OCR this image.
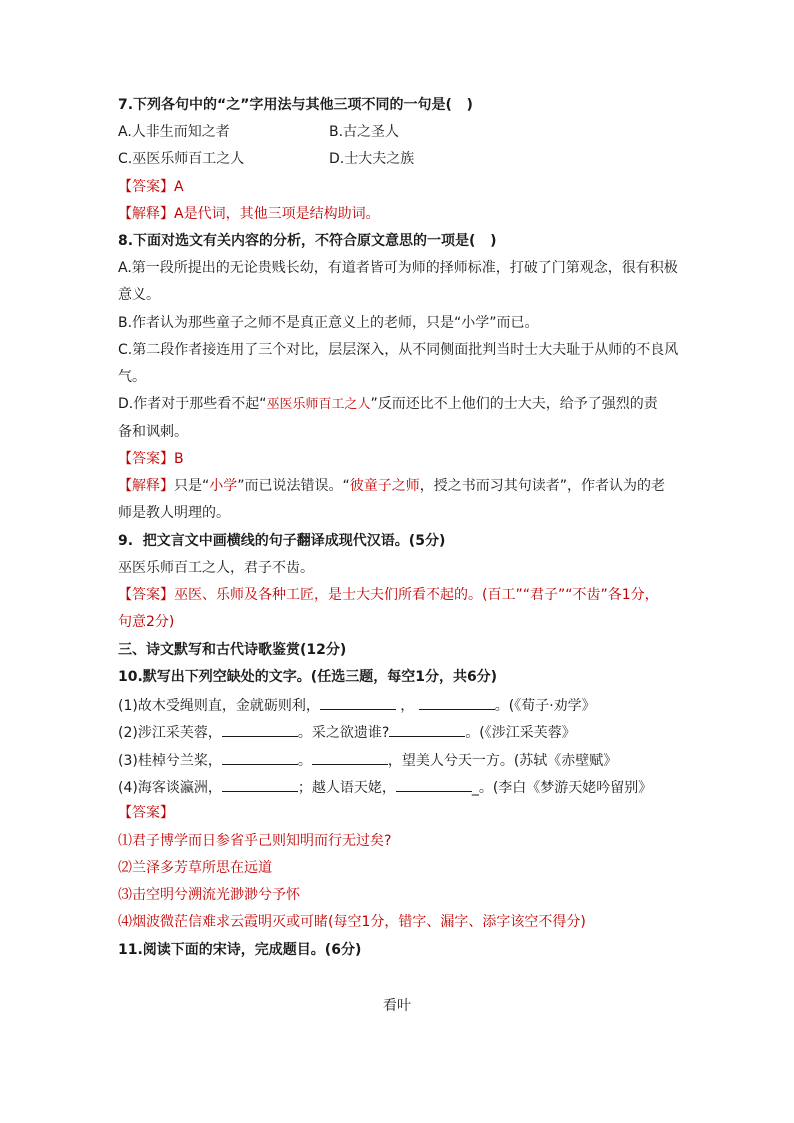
7.下列各句中的“之”字用法与其他三项不同的一句是(   )
A.人非生而知之者	B.古之圣人
C.巫医乐师百工之人	D.士大夫之族
【答案】A
【解释】A是代词，其他三项是结构助词。
8.下面对选文有关内容的分析，不符合原文意思的一项是(   )
A.第一段所提出的无论贵贱长幼，有道者皆可为师的择师标准，打破了门第观念，很有积极
意义。
B.作者认为那些童子之师不是真正意义上的老师，只是“小学”而已。
C.第二段作者接连用了三个对比，层层深入，从不同侧面批判当时士大夫耻于从师的不良风
气。
D.作者对于那些看不起“巫医乐师百工之人”反而还比不上他们的士大夫，给予了强烈的责
备和讽刺。
【答案】B
【解释】只是“小学”而已说法错误。“彼童子之师，授之书而习其句读者”，作者认为的老
师是教人明理的。
9.  把文言文中画横线的句子翻译成现代汉语。(5分)
巫医乐师百工之人，君子不齿。
【答案】巫医、乐师及各种工匠，是士大夫们所看不起的。(百工”“君子”“不齿”各1分，
句意2分)
三、诗文默写和古代诗歌鉴赏(12分)
10.默写出下列空缺处的文字。(任选三题，每空1分，共6分)
(1)故木受绳则直，金就砺则利，	，	。(《荀子·劝学》
(2)涉江采芙蓉，	。采之欲遗谁?	。(《涉江采芙蓉》
(3)桂棹兮兰桨，	。	，望美人兮天一方。(苏轼《赤壁赋》
(4)海客谈瀛洲，	；越人语天姥，	_。(李白《梦游天姥吟留别》
【答案】
⑴君子博学而日参省乎己则知明而行无过矣?
⑵兰泽多芳草所思在远道
⑶击空明兮溯流光渺渺兮予怀
⑷烟波微茫信难求云霞明灭或可睹(每空1分，错字、漏字、添字该空不得分)
11.阅读下面的宋诗，完成题目。(6分)
看叶
